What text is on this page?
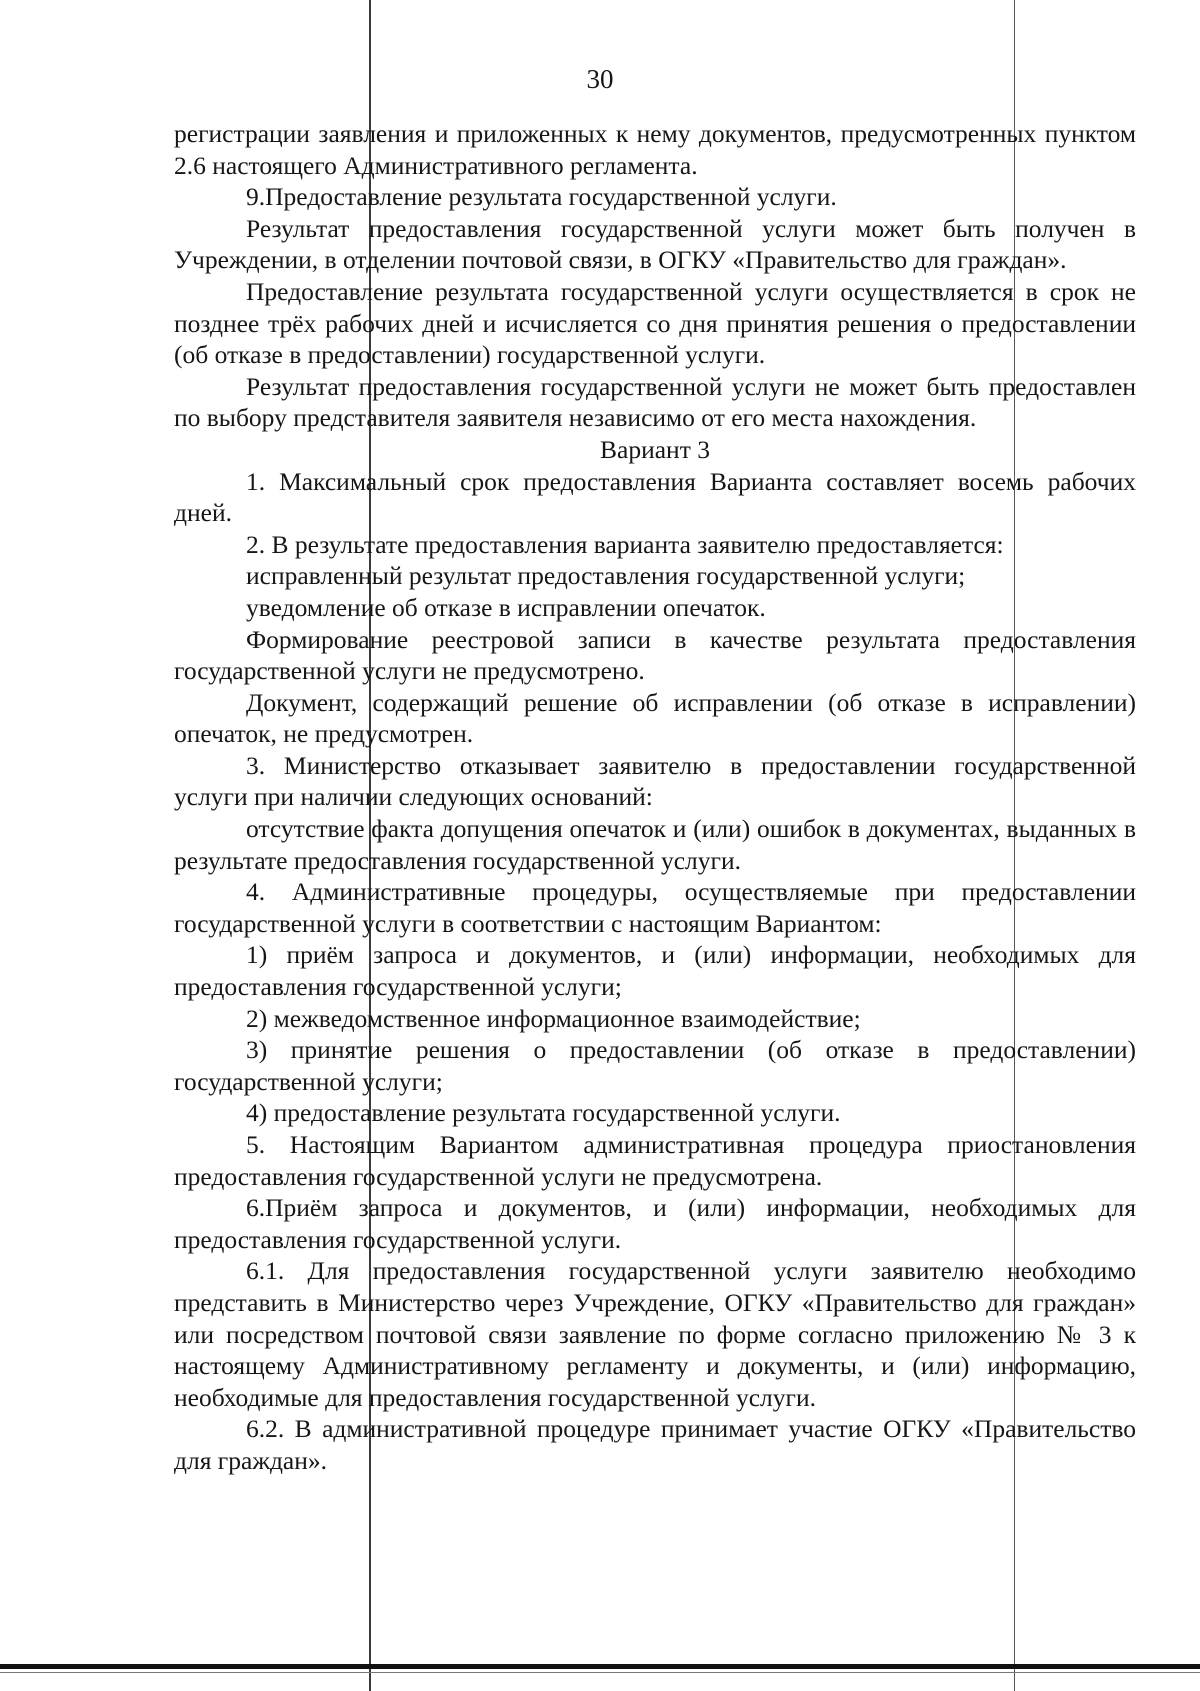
30

регистрации заявления и приложенных к нему документов, предусмотренных пунктом 2.6 настоящего Административного регламента.

9.Предоставление результата государственной услуги.

Результат предоставления государственной услуги может быть получен в Учреждении, в отделении почтовой связи, в ОГКУ «Правительство для граждан».

Предоставление результата государственной услуги осуществляется в срок не позднее трёх рабочих дней и исчисляется со дня принятия решения о предоставлении (об отказе в предоставлении) государственной услуги.

Результат предоставления государственной услуги не может быть предоставлен по выбору представителя заявителя независимо от его места нахождения.

Вариант 3

1. Максимальный срок предоставления Варианта составляет восемь рабочих дней.

2. В результате предоставления варианта заявителю предоставляется:

исправленный результат предоставления государственной услуги;

уведомление об отказе в исправлении опечаток.

Формирование реестровой записи в качестве результата предоставления государственной услуги не предусмотрено.

Документ, содержащий решение об исправлении (об отказе в исправлении) опечаток, не предусмотрен.

3. Министерство отказывает заявителю в предоставлении государственной услуги при наличии следующих оснований:

отсутствие факта допущения опечаток и (или) ошибок в документах, выданных в результате предоставления государственной услуги.

4. Административные процедуры, осуществляемые при предоставлении государственной услуги в соответствии с настоящим Вариантом:

1) приём запроса и документов, и (или) информации, необходимых для предоставления государственной услуги;

2) межведомственное информационное взаимодействие;

3) принятие решения о предоставлении (об отказе в предоставлении) государственной услуги;

4) предоставление результата государственной услуги.

5. Настоящим Вариантом административная процедура приостановления предоставления государственной услуги не предусмотрена.

6.Приём запроса и документов, и (или) информации, необходимых для предоставления государственной услуги.

6.1. Для предоставления государственной услуги заявителю необходимо представить в Министерство через Учреждение, ОГКУ «Правительство для граждан» или посредством почтовой связи заявление по форме согласно приложению № 3 к настоящему Административному регламенту и документы, и (или) информацию, необходимые для предоставления государственной услуги.

6.2. В административной процедуре принимает участие ОГКУ «Правительство для граждан».
